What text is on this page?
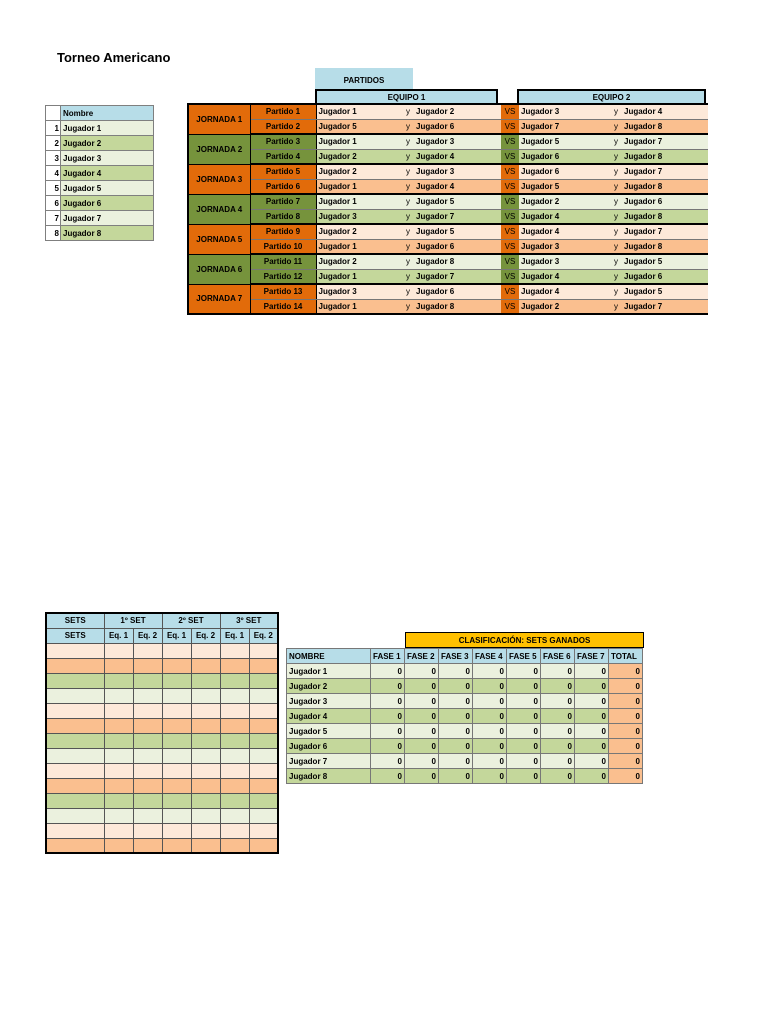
Torneo Americano
	Nombre
1	Jugador 1
2	Jugador 2
3	Jugador 3
4	Jugador 4
5	Jugador 5
6	Jugador 6
7	Jugador 7
8	Jugador 8
PARTIDOS
EQUIPO 1	EQUIPO 2
JORNADA 1	Partido 1	Jugador 1	y	Jugador 2	VS	Jugador 3	y	Jugador 4
	Partido 2	Jugador 5	y	Jugador 6	VS	Jugador 7	y	Jugador 8
JORNADA 2	Partido 3	Jugador 1	y	Jugador 3	VS	Jugador 5	y	Jugador 7
	Partido 4	Jugador 2	y	Jugador 4	VS	Jugador 6	y	Jugador 8
JORNADA 3	Partido 5	Jugador 2	y	Jugador 3	VS	Jugador 6	y	Jugador 7
	Partido 6	Jugador 1	y	Jugador 4	VS	Jugador 5	y	Jugador 8
JORNADA 4	Partido 7	Jugador 1	y	Jugador 5	VS	Jugador 2	y	Jugador 6
	Partido 8	Jugador 3	y	Jugador 7	VS	Jugador 4	y	Jugador 8
JORNADA 5	Partido 9	Jugador 2	y	Jugador 5	VS	Jugador 4	y	Jugador 7
	Partido 10	Jugador 1	y	Jugador 6	VS	Jugador 3	y	Jugador 8
JORNADA 6	Partido 11	Jugador 2	y	Jugador 8	VS	Jugador 3	y	Jugador 5
	Partido 12	Jugador 1	y	Jugador 7	VS	Jugador 4	y	Jugador 6
JORNADA 7	Partido 13	Jugador 3	y	Jugador 6	VS	Jugador 4	y	Jugador 5
	Partido 14	Jugador 1	y	Jugador 8	VS	Jugador 2	y	Jugador 7
SETS	1º SET		2º SET		3º SET	
SETS	Eq. 1	Eq. 2	Eq. 1	Eq. 2	Eq. 1	Eq. 2

CLASIFICACIÓN: SETS GANADOS
NOMBRE	FASE 1	FASE 2	FASE 3	FASE 4	FASE 5	FASE 6	FASE 7	TOTAL
Jugador 1	0	0	0	0	0	0	0	0
Jugador 2	0	0	0	0	0	0	0	0
Jugador 3	0	0	0	0	0	0	0	0
Jugador 4	0	0	0	0	0	0	0	0
Jugador 5	0	0	0	0	0	0	0	0
Jugador 6	0	0	0	0	0	0	0	0
Jugador 7	0	0	0	0	0	0	0	0
Jugador 8	0	0	0	0	0	0	0	0
